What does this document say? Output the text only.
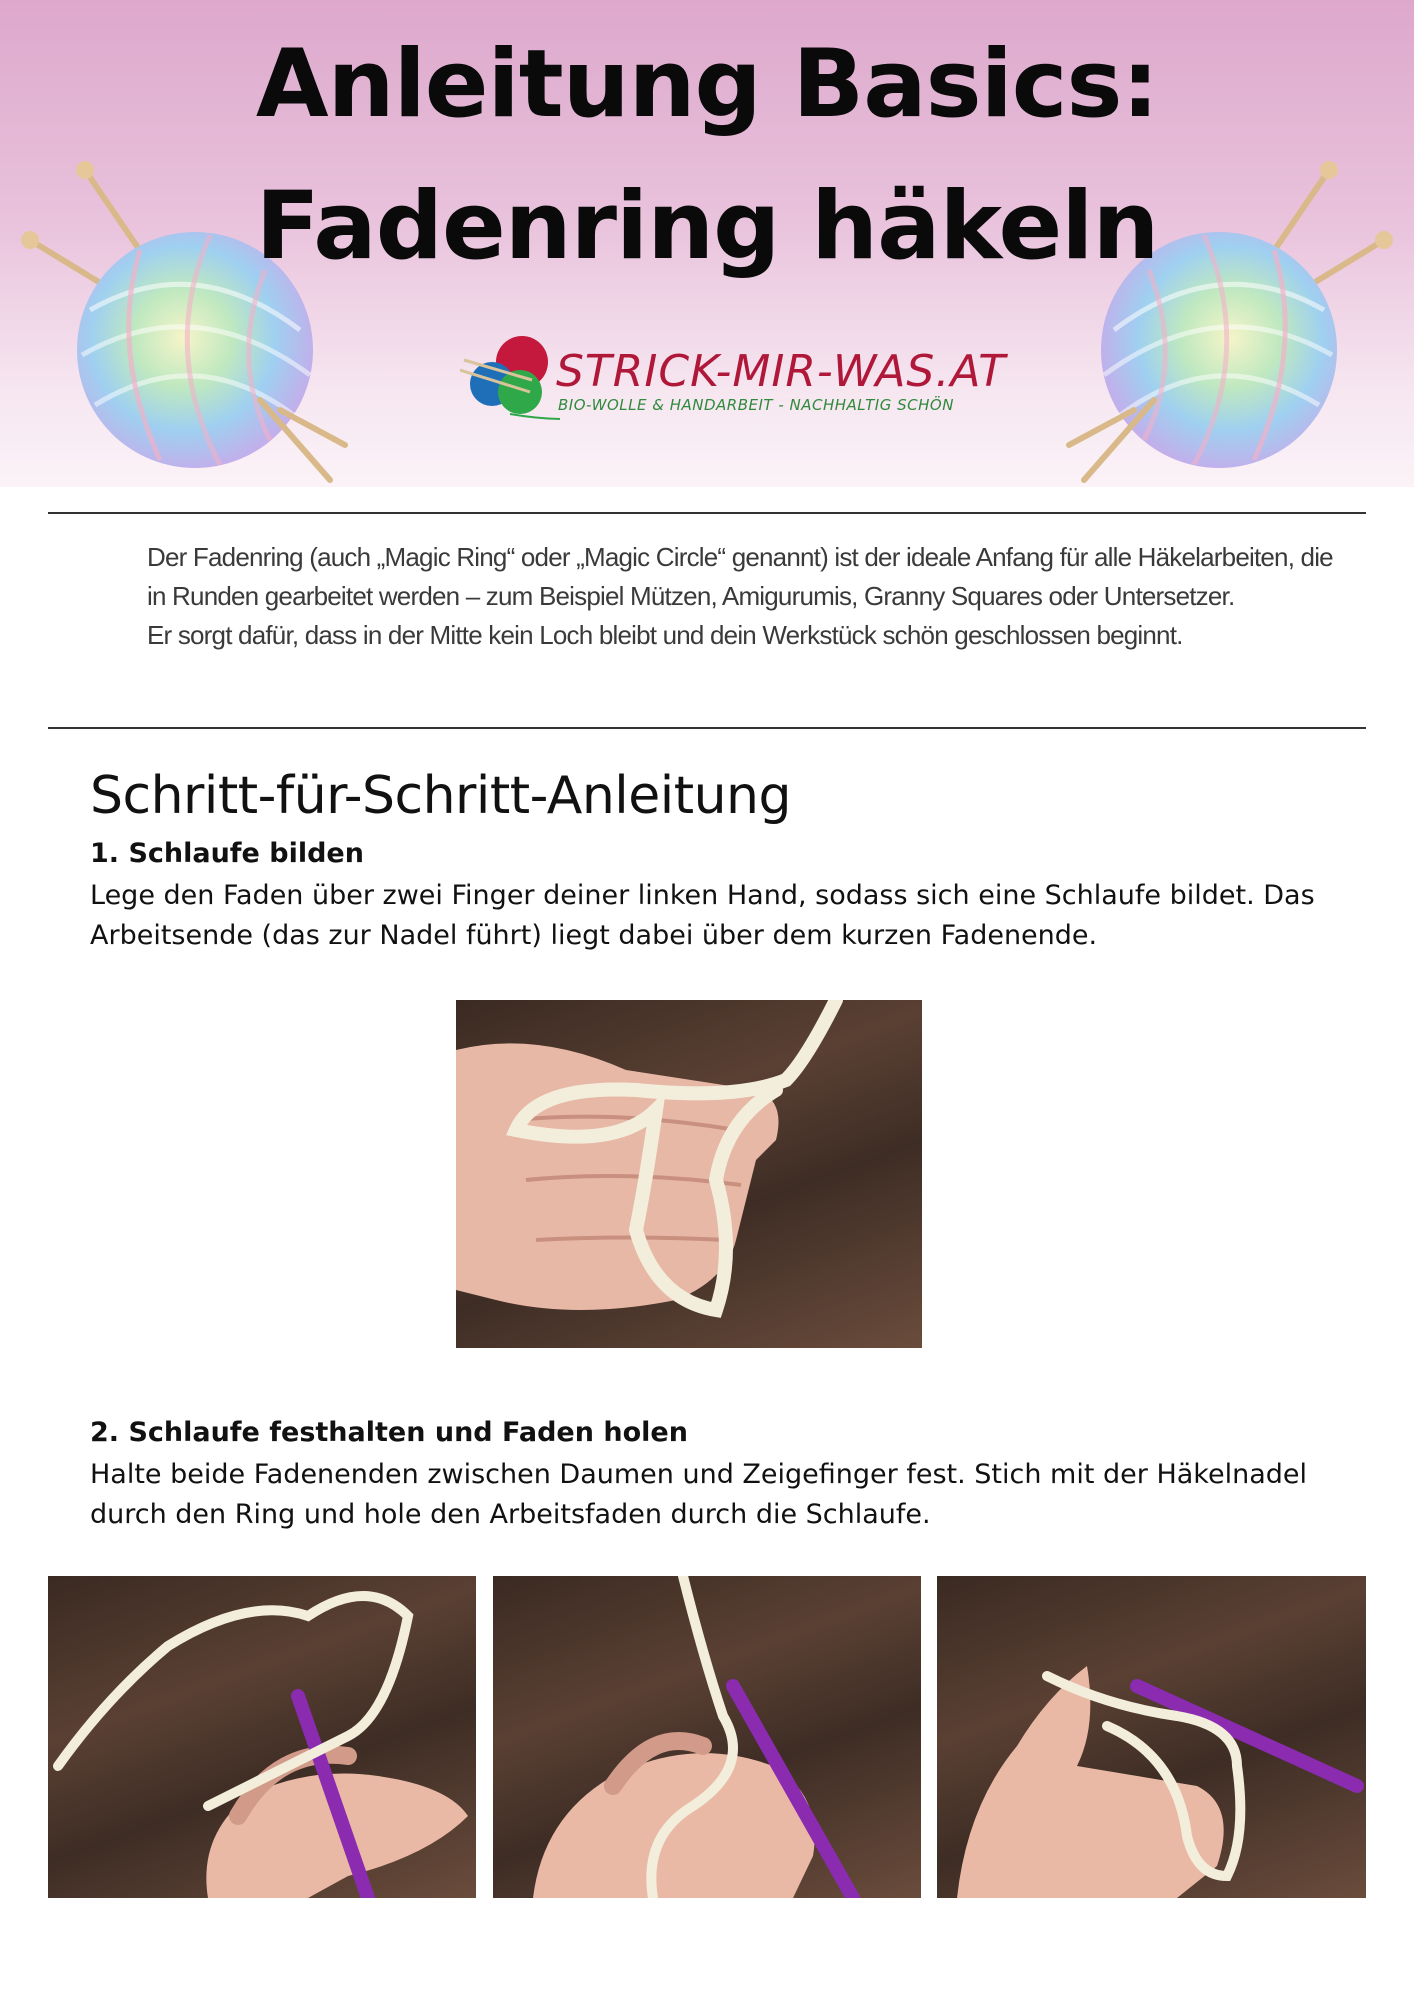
Anleitung Basics:
Fadenring häkeln
STRICK-MIR-WAS.AT
BIO-WOLLE & HANDARBEIT - NACHHALTIG SCHÖN

Der Fadenring (auch „Magic Ring“ oder „Magic Circle“ genannt) ist der ideale Anfang für alle Häkelarbeiten, die in Runden gearbeitet werden – zum Beispiel Mützen, Amigurumis, Granny Squares oder Untersetzer.

Er sorgt dafür, dass in der Mitte kein Loch bleibt und dein Werkstück schön geschlossen beginnt.

Schritt-für-Schritt-Anleitung
1. Schlaufe bilden
Lege den Faden über zwei Finger deiner linken Hand, sodass sich eine Schlaufe bildet. Das Arbeitsende (das zur Nadel führt) liegt dabei über dem kurzen Fadenende.
2. Schlaufe festhalten und Faden holen
Halte beide Fadenenden zwischen Daumen und Zeigefinger fest. Stich mit der Häkelnadel durch den Ring und hole den Arbeitsfaden durch die Schlaufe.
